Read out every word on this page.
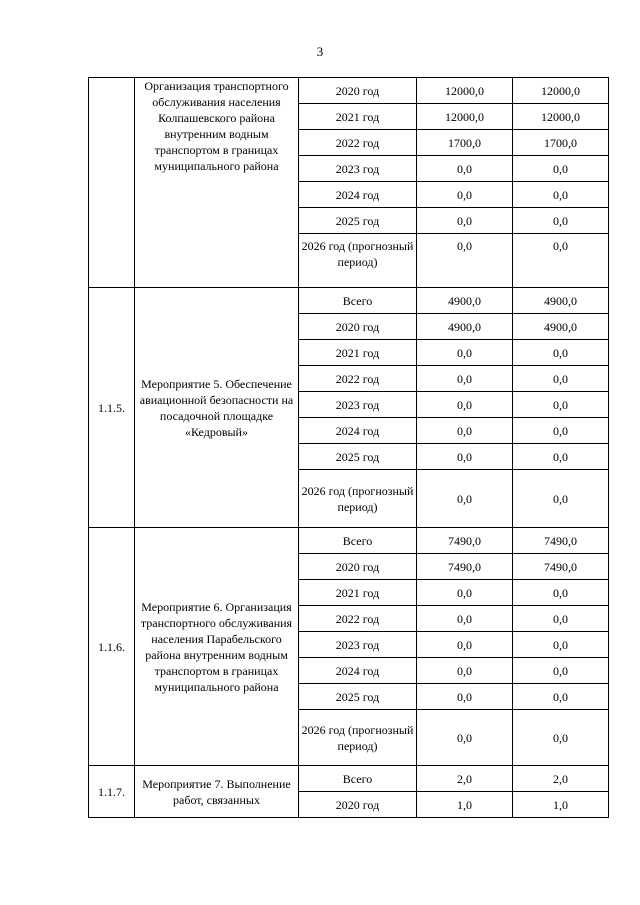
3
	Организация транспортного обслуживания населения Колпашевского района внутренним водным транспортом в границах муниципального района	2020 год	12000,0	12000,0
		2021 год	12000,0	12000,0
		2022 год	1700,0	1700,0
		2023 год	0,0	0,0
		2024 год	0,0	0,0
		2025 год	0,0	0,0
		2026 год (прогнозный период)	0,0	0,0
1.1.5.	Мероприятие 5. Обеспечение авиационной безопасности на посадочной площадке «Кедровый»	Всего	4900,0	4900,0
		2020 год	4900,0	4900,0
		2021 год	0,0	0,0
		2022 год	0,0	0,0
		2023 год	0,0	0,0
		2024 год	0,0	0,0
		2025 год	0,0	0,0
		2026 год (прогнозный период)	0,0	0,0
1.1.6.	Мероприятие 6. Организация транспортного обслуживания населения Парабельского района внутренним водным транспортом в границах муниципального района	Всего	7490,0	7490,0
		2020 год	7490,0	7490,0
		2021 год	0,0	0,0
		2022 год	0,0	0,0
		2023 год	0,0	0,0
		2024 год	0,0	0,0
		2025 год	0,0	0,0
		2026 год (прогнозный период)	0,0	0,0
1.1.7.	Мероприятие 7. Выполнение работ, связанных	Всего	2,0	2,0
		2020 год	1,0	1,0
